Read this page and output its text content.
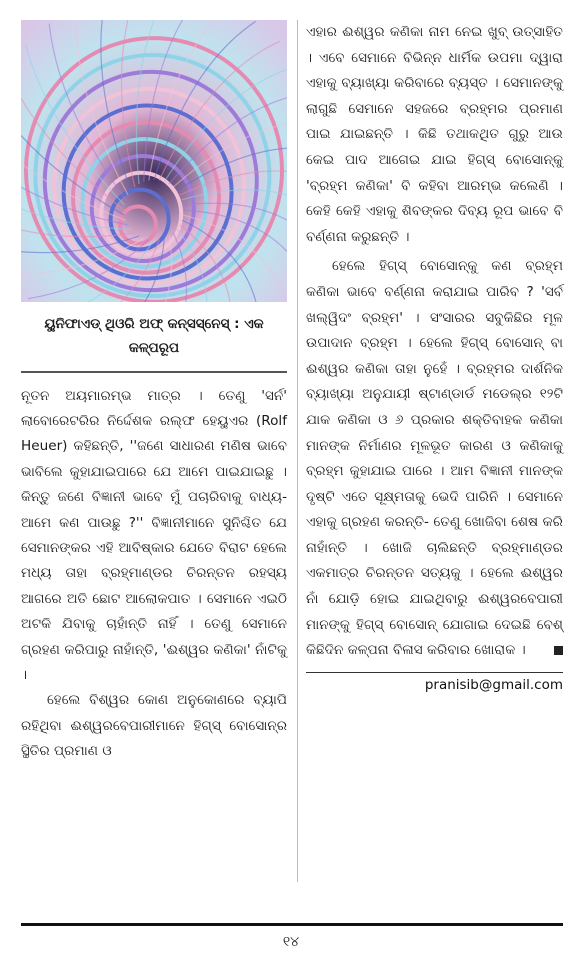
ୟୁନିଫାଏଡ୍ ଥିଓରି ଅଫ୍ କନ୍ସସ୍‌ନେସ୍ : ଏକ କଳ୍ପରୂପ

ନୂତନ ଅୟମାରମ୍ଭ ମାତ୍ର । ତେଣୁ 'ସର୍ନ' ଲାବୋରେଟରିର ନିର୍ଦ୍ଦେଶକ ରଲ୍‌ଫ ହେୟୁଏର (Rolf Heuer) କହିଛନ୍ତି, ''ଜଣେ ସାଧାରଣ ମଣିଷ ଭାବେ ଭାବିଲେ କୁହାଯାଇପାରେ ଯେ ଆମେ ପାଇଯାଇଛୁ । କିନ୍ତୁ ଜଣେ ବିଜ୍ଞାନୀ ଭାବେ ମୁଁ ପଚାରିବାକୁ ବାଧ୍ୟ- ଆମେ କଣ ପାଉଛୁ ?'' ବିଜ୍ଞାନୀମାନେ ସୁନିଶ୍ଚିତ ଯେ ସେମାନଙ୍କର ଏହି ଆବିଷ୍କାର ଯେତେ ବିରାଟ ହେଲେ ମଧ୍ୟ ତାହା ବ୍ରହ୍ମାଣ୍ଡର ଚିରନ୍ତନ ରହସ୍ୟ ଆଗରେ ଅତି ଛୋଟ ଆଲୋକପାତ । ସେମାନେ ଏଇଠି ଅଟକି ଯିବାକୁ ଚାହାଁନ୍ତି ନାହିଁ । ତେଣୁ ସେମାନେ ଗ୍ରହଣ କରିପାରୁ ନାହାଁନ୍ତି, 'ଈଶ୍ୱର କଣିକା' ନାଁଟିକୁ ।

ହେଲେ ବିଶ୍ୱର କୋଣ ଅନୁକୋଣରେ ବ୍ୟାପି ରହିଥିବା ଈଶ୍ୱରବେପାରୀମାନେ ହିଗ୍‌ସ୍ ବୋସୋନ୍‌ର ସ୍ଥିତିର ପ୍ରମାଣ ଓ

ଏହାର ଈଶ୍ୱର କଣିକା ନାମ ନେଇ ଖୁବ୍ ଉତ୍ସାହିତ । ଏବେ ସେମାନେ ବିଭିନ୍ନ ଧାର୍ମିକ ଉପମା ଦ୍ୱାରା ଏହାକୁ ବ୍ୟାଖ୍ୟା କରିବାରେ ବ୍ୟସ୍ତ । ସେମାନଙ୍କୁ ଲାଗୁଛି ସେମାନେ ସହଜରେ ବ୍ରହ୍ମର ପ୍ରମାଣ ପାଇ ଯାଇଛନ୍ତି । କିଛି ତଥାକଥିତ ଗୁରୁ ଆଉ କେଇ ପାଦ ଆଗେଇ ଯାଇ ହିଗ୍‌ସ୍ ବୋସୋନ୍‌କୁ 'ବ୍ରହ୍ମ କଣିକା' ବି କହିବା ଆରମ୍ଭ କଲେଣି । କେହି କେହି ଏହାକୁ ଶିବଙ୍କର ଦିବ୍ୟ ରୂପ ଭାବେ ବି ବର୍ଣ୍ଣନା କରୁଛନ୍ତି ।

ହେଲେ ହିଗ୍‌ସ୍ ବୋସୋନ୍‌କୁ କଣ ବ୍ରହ୍ମ କଣିକା ଭାବେ ବର୍ଣ୍ଣନା କରାଯାଇ ପାରିବ ? 'ସର୍ବ ଖଲ୍ୱିଦଂ ବ୍ରହ୍ମ' । ସଂସାରର ସବୁକିଛିର ମୂଳ ଉପାଦାନ ବ୍ରହ୍ମ । ହେଲେ ହିଗ୍‌ସ୍ ବୋସୋନ୍ ବା ଈଶ୍ୱର କଣିକା ତାହା ନୁହେଁ । ବ୍ରହ୍ମର ଦାର୍ଶନିକ ବ୍ୟାଖ୍ୟା ଅନୁଯାୟୀ ଷ୍ଟାଣ୍ଡାର୍ଡ ମଡେଲ୍‌ର ୧୨ଟି ଯାକ କଣିକା ଓ ୬ ପ୍ରକାର ଶକ୍ତିବାହକ କଣିକା ମାନଙ୍କ ନିର୍ମାଣର ମୂଳଭୂତ କାରଣ ଓ କଣିକାକୁ ବ୍ରହ୍ମ କୁହାଯାଇ ପାରେ । ଆମ ବିଜ୍ଞାନୀ ମାନଙ୍କ ଦୃଷ୍ଟି ଏତେ ସୂକ୍ଷ୍ମତାକୁ ଭେଦି ପାରିନି । ସେମାନେ ଏହାକୁ ଗ୍ରହଣ କରନ୍ତି- ତେଣୁ ଖୋଜିବା ଶେଷ କରି ନାହାଁନ୍ତି । ଖୋଜି ଚାଲିଛନ୍ତି ବ୍ରହ୍ମାଣ୍ଡର ଏକମାତ୍ର ଚିରନ୍ତନ ସତ୍ୟକୁ । ହେଲେ ଈଶ୍ୱର ନାଁ ଯୋଡ଼ି ହୋଇ ଯାଇଥିବାରୁ ଈଶ୍ୱରବେପାରୀ ମାନଙ୍କୁ ହିଗ୍‌ସ୍ ବୋସୋନ୍ ଯୋଗାଇ ଦେଇଛି ବେଶ୍ କିଛିଦିନ କଳ୍ପନା ବିଳାସ କରିବାର ଖୋରାକ ।

pranisib@gmail.com
୧୪
